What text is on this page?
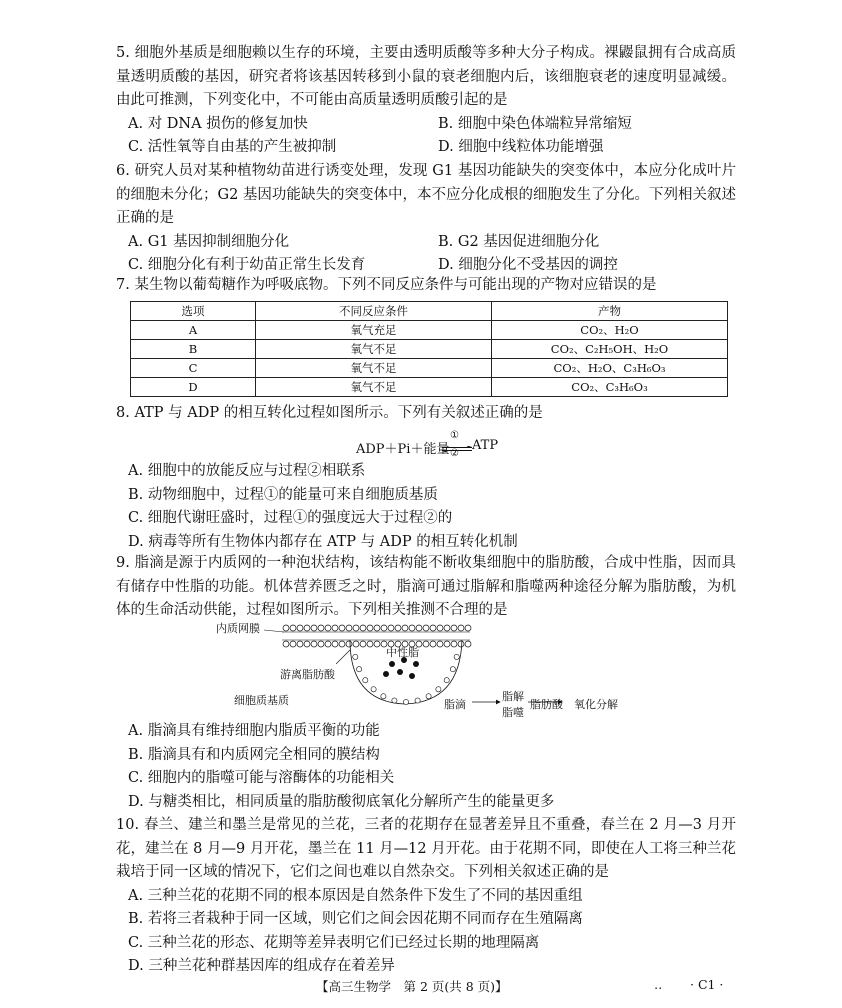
5. 细胞外基质是细胞赖以生存的环境，主要由透明质酸等多种大分子构成。裸鼹鼠拥有合成高质量透明质酸的基因，研究者将该基因转移到小鼠的衰老细胞内后，该细胞衰老的速度明显减缓。由此可推测，下列变化中，不可能由高质量透明质酸引起的是

A. 对 DNA 损伤的修复加快	B. 细胞中染色体端粒异常缩短
C. 活性氧等自由基的产生被抑制	D. 细胞中线粒体功能增强

6. 研究人员对某种植物幼苗进行诱变处理，发现 G1 基因功能缺失的突变体中，本应分化成叶片的细胞未分化；G2 基因功能缺失的突变体中，本不应分化成根的细胞发生了分化。下列相关叙述正确的是

A. G1 基因抑制细胞分化	B. G2 基因促进细胞分化
C. 细胞分化有利于幼苗正常生长发育	D. 细胞分化不受基因的调控

7. 某生物以葡萄糖作为呼吸底物。下列不同反应条件与可能出现的产物对应错误的是

选项	不同反应条件	产物
A	氧气充足	CO₂、H₂O
B	氧气不足	CO₂、C₂H₅OH、H₂O
C	氧气不足	CO₂、H₂O、C₃H₆O₃
D	氧气不足	CO₂、C₃H₆O₃

8. ATP 与 ADP 的相互转化过程如图所示。下列有关叙述正确的是

ADP＋Pi＋能量
①
②
ATP
A. 细胞中的放能反应与过程②相联系
B. 动物细胞中，过程①的能量可来自细胞质基质
C. 细胞代谢旺盛时，过程①的强度远大于过程②的
D. 病毒等所有生物体内都存在 ATP 与 ADP 的相互转化机制

9. 脂滴是源于内质网的一种泡状结构，该结构能不断收集细胞中的脂肪酸，合成中性脂，因而具有储存中性脂的功能。机体营养匮乏之时，脂滴可通过脂解和脂噬两种途径分解为脂肪酸，为机体的生命活动供能，过程如图所示。下列相关推测不合理的是

内质网膜
中性脂
游离脂肪酸
细胞质基质	脂滴
脂解
脂噬
脂肪酸 氧化分解
A. 脂滴具有维持细胞内脂质平衡的功能
B. 脂滴具有和内质网完全相同的膜结构
C. 细胞内的脂噬可能与溶酶体的功能相关
D. 与糖类相比，相同质量的脂肪酸彻底氧化分解所产生的能量更多

10. 春兰、建兰和墨兰是常见的兰花，三者的花期存在显著差异且不重叠，春兰在 2 月—3 月开花，建兰在 8 月—9 月开花，墨兰在 11 月—12 月开花。由于花期不同，即使在人工将三种兰花栽培于同一区域的情况下，它们之间也难以自然杂交。下列相关叙述正确的是

A. 三种兰花的花期不同的根本原因是自然条件下发生了不同的基因重组
B. 若将三者栽种于同一区域，则它们之间会因花期不同而存在生殖隔离
C. 三种兰花的形态、花期等差异表明它们已经过长期的地理隔离
D. 三种兰花种群基因库的组成存在着差异
【高三生物学　第 2 页(共 8 页)】	‥ · C1 ·
